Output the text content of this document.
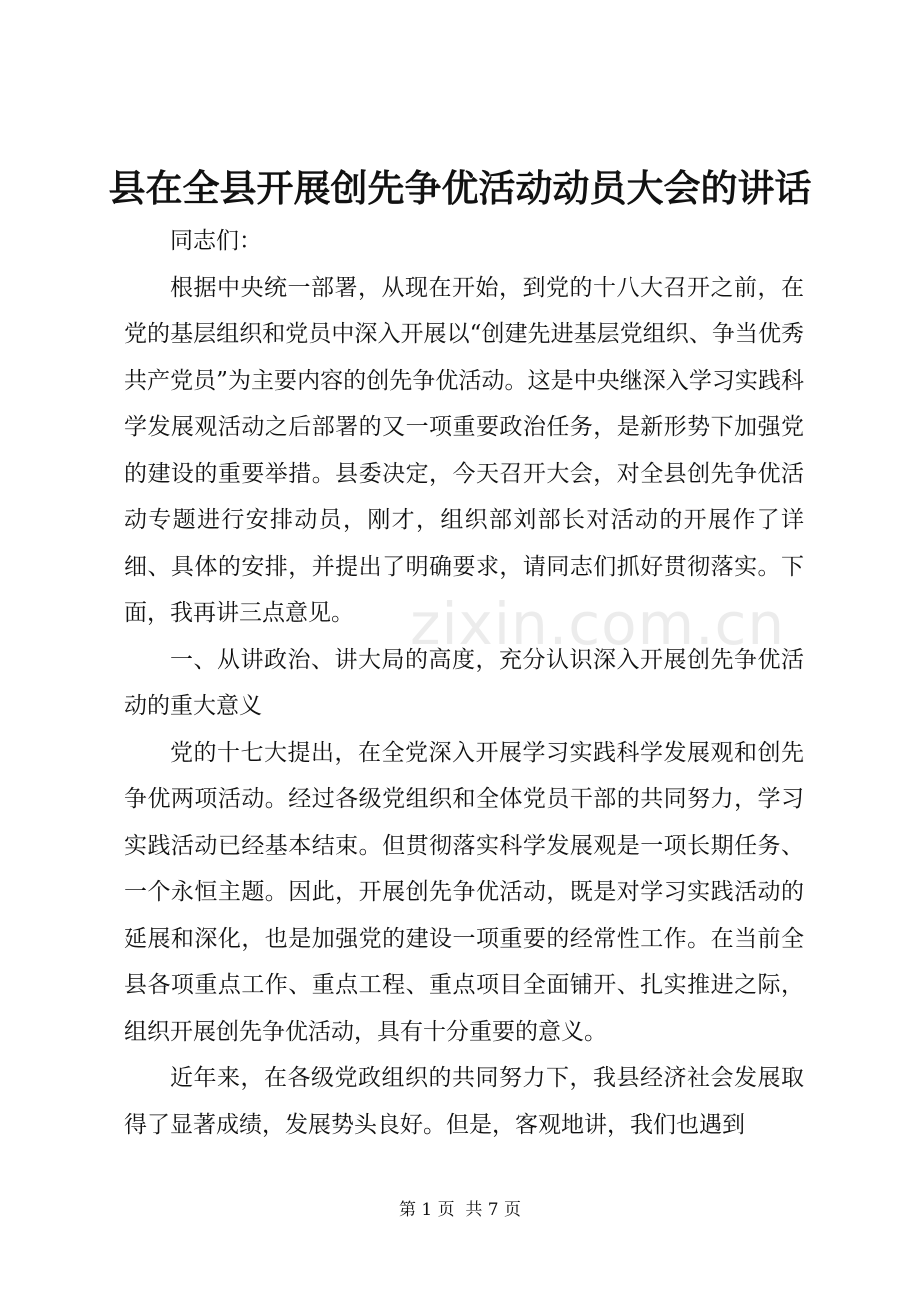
县在全县开展创先争优活动动员大会的讲话

同志们：

根据中央统一部署，从现在开始，到党的十八大召开之前，在党的基层组织和党员中深入开展以“创建先进基层党组织、争当优秀共产党员”为主要内容的创先争优活动。这是中央继深入学习实践科学发展观活动之后部署的又一项重要政治任务，是新形势下加强党的建设的重要举措。县委决定，今天召开大会，对全县创先争优活动专题进行安排动员，刚才，组织部刘部长对活动的开展作了详细、具体的安排，并提出了明确要求，请同志们抓好贯彻落实。下面，我再讲三点意见。

一、从讲政治、讲大局的高度，充分认识深入开展创先争优活动的重大意义

党的十七大提出，在全党深入开展学习实践科学发展观和创先争优两项活动。经过各级党组织和全体党员干部的共同努力，学习实践活动已经基本结束。但贯彻落实科学发展观是一项长期任务、一个永恒主题。因此，开展创先争优活动，既是对学习实践活动的延展和深化，也是加强党的建设一项重要的经常性工作。在当前全县各项重点工作、重点工程、重点项目全面铺开、扎实推进之际，组织开展创先争优活动，具有十分重要的意义。

近年来，在各级党政组织的共同努力下，我县经济社会发展取得了显著成绩，发展势头良好。但是，客观地讲，我们也遇到

zixin.com.cn
第 1 页  共 7 页
